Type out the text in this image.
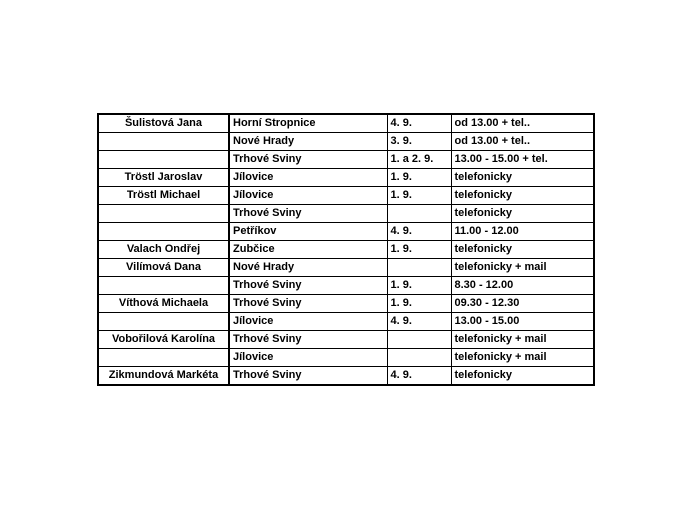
Šulistová Jana	Horní Stropnice	4. 9.	od 13.00 + tel..
	Nové Hrady	3. 9.	od 13.00 + tel..
	Trhové Sviny	1. a 2. 9.	13.00 - 15.00 + tel.
Tröstl Jaroslav	Jílovice	1. 9.	telefonicky
Tröstl Michael	Jílovice	1. 9.	telefonicky
	Trhové Sviny		telefonicky
	Petříkov	4. 9.	11.00 - 12.00
Valach Ondřej	Zubčice	1. 9.	telefonicky
Vilímová Dana	Nové Hrady		telefonicky + mail
	Trhové Sviny	1. 9.	8.30 - 12.00
Víthová Michaela	Trhové Sviny	1. 9.	09.30 - 12.30
	Jílovice	4. 9.	13.00 - 15.00
Vobořilová Karolína	Trhové Sviny		telefonicky + mail
	Jílovice		telefonicky + mail
Zikmundová Markéta	Trhové Sviny	4. 9.	telefonicky
